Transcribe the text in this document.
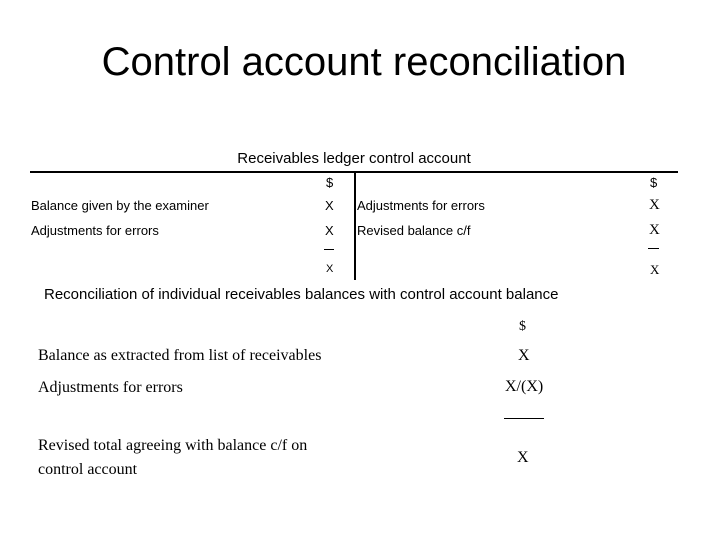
Control account reconciliation
Receivables ledger control account
$
Balance given by the examiner	X
Adjustments for errors	X
X
$
Adjustments for errors	X
Revised balance c/f	X
X
Reconciliation of individual receivables balances with control account balance
$
Balance as extracted from list of receivables	X
Adjustments for errors	X/(X)
Revised total agreeing with balance c/f on
control account
X
